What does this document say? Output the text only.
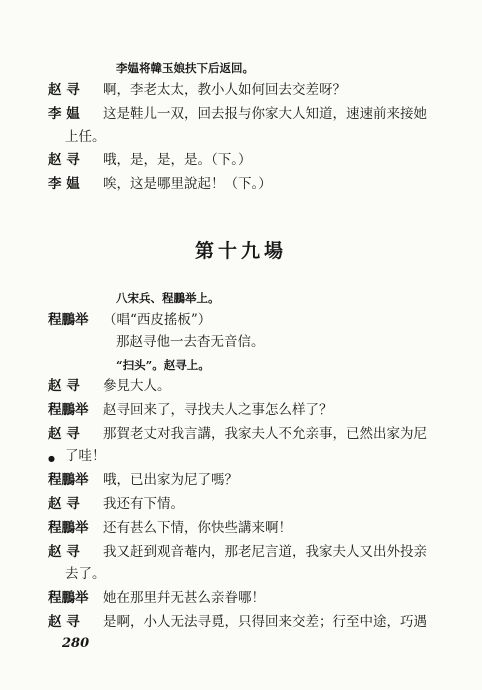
李媪将韓玉娘扶下后返回。
赵 寻 啊，李老太太，教小人如何回去交差呀？
李 媪 这是鞋儿一双，回去报与你家大人知道，速速前来接她
上任。
赵 寻 哦，是，是，是。（下。）
李 媪 唉，这是哪里說起！（下。）
第十九場
八宋兵、程鵬举上。
程鵬举 （唱“西皮搖板”）
那赵寻他一去杳无音信。
“扫头”。赵寻上。
赵 寻 參見大人。
程鵬举 赵寻回来了，寻找夫人之事怎么样了？
赵 寻 那賀老丈对我言講，我家夫人不允亲事，已然出家为尼
了哇！
●
程鵬举 哦，已出家为尼了嗎？
赵 寻 我还有下情。
程鵬举 还有甚么下情，你快些講来啊！
赵 寻 我又赶到观音菴内，那老尼言道，我家夫人又出外投亲
去了。
程鵬举 她在那里幷无甚么亲眷哪！
赵 寻 是啊，小人无法寻覓，只得回来交差；行至中途，巧遇
280
